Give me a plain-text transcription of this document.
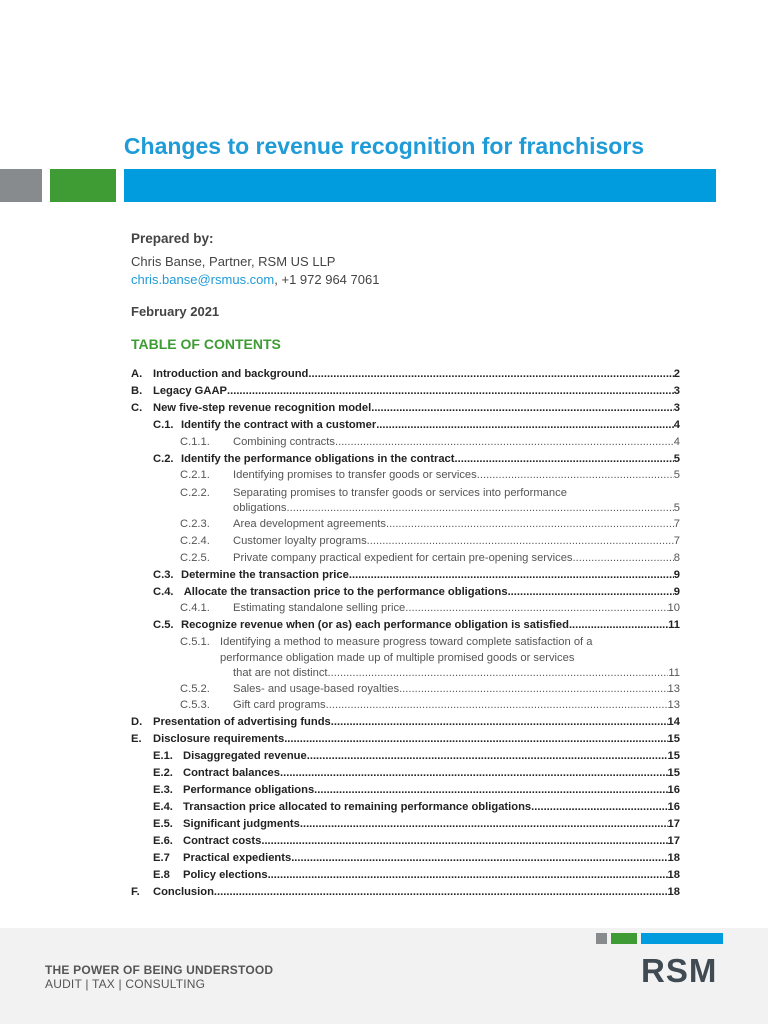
Changes to revenue recognition for franchisors
Prepared by:
Chris Banse, Partner, RSM US LLP
chris.banse@rsmus.com, +1 972 964 7061
February 2021
TABLE OF CONTENTS
A. Introduction and background .....	2
B. Legacy GAAP .....	3
C. New five-step revenue recognition model .....	3
C.1. Identify the contract with a customer .....	4
C.1.1.	Combining contracts .....	4
C.2. Identify the performance obligations in the contract .....	5
C.2.1.	Identifying promises to transfer goods or services .....	5
C.2.2. Separating promises to transfer goods or services into performance
obligations .....	5
C.2.3.	Area development agreements .....	7
C.2.4.	Customer loyalty programs .....	7
C.2.5.	Private company practical expedient for certain pre-opening services .....	8
C.3. Determine the transaction price .....	9
C.4. Allocate the transaction price to the performance obligations .....	9
C.4.1.	Estimating standalone selling price .....	10
C.5. Recognize revenue when (or as) each performance obligation is satisfied .....	11
C.5.1. Identifying a method to measure progress toward complete satisfaction of a
performance obligation made up of multiple promised goods or services
that are not distinct .....	11
C.5.2.	Sales- and usage-based royalties .....	13
C.5.3.	Gift card programs .....	13
D. Presentation of advertising funds .....	14
E.	Disclosure requirements .....	15
E.1. Disaggregated revenue .....	15
E.2. Contract balances .....	15
E.3. Performance obligations .....	16
E.4. Transaction price allocated to remaining performance obligations .....	16
E.5. Significant judgments .....	17
E.6. Contract costs .....	17
E.7	Practical expedients .....	18
E.8	Policy elections .....	18
F.	Conclusion .....	18
THE POWER OF BEING UNDERSTOOD
AUDIT | TAX | CONSULTING	RSM
